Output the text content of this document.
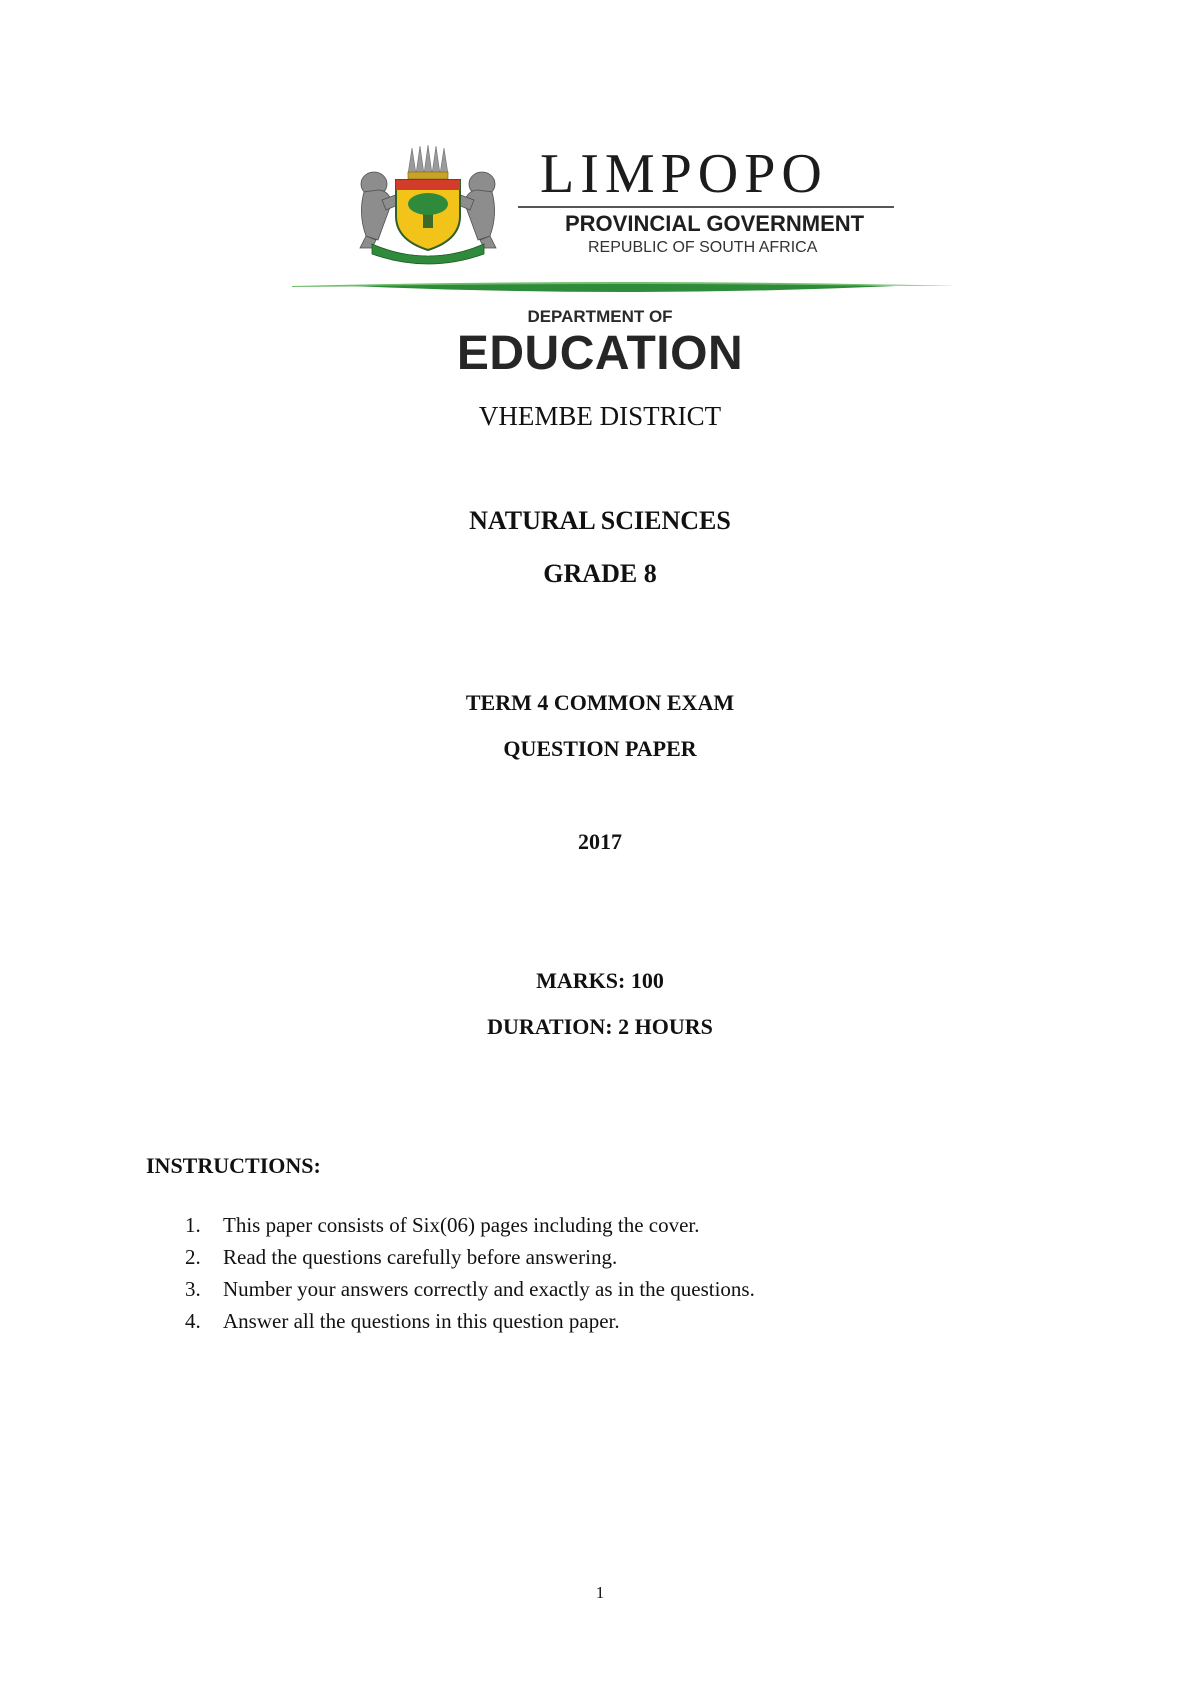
LIMPOPO
PROVINCIAL GOVERNMENT
REPUBLIC OF SOUTH AFRICA
DEPARTMENT OF
EDUCATION
VHEMBE DISTRICT
NATURAL SCIENCES
GRADE 8
TERM 4 COMMON EXAM
QUESTION PAPER
2017
MARKS: 100
DURATION: 2 HOURS
INSTRUCTIONS:
1. This paper consists of Six(06) pages including the cover.
2. Read the questions carefully before answering.
3. Number your answers correctly and exactly as in the questions.
4. Answer all the questions in this question paper.
1
